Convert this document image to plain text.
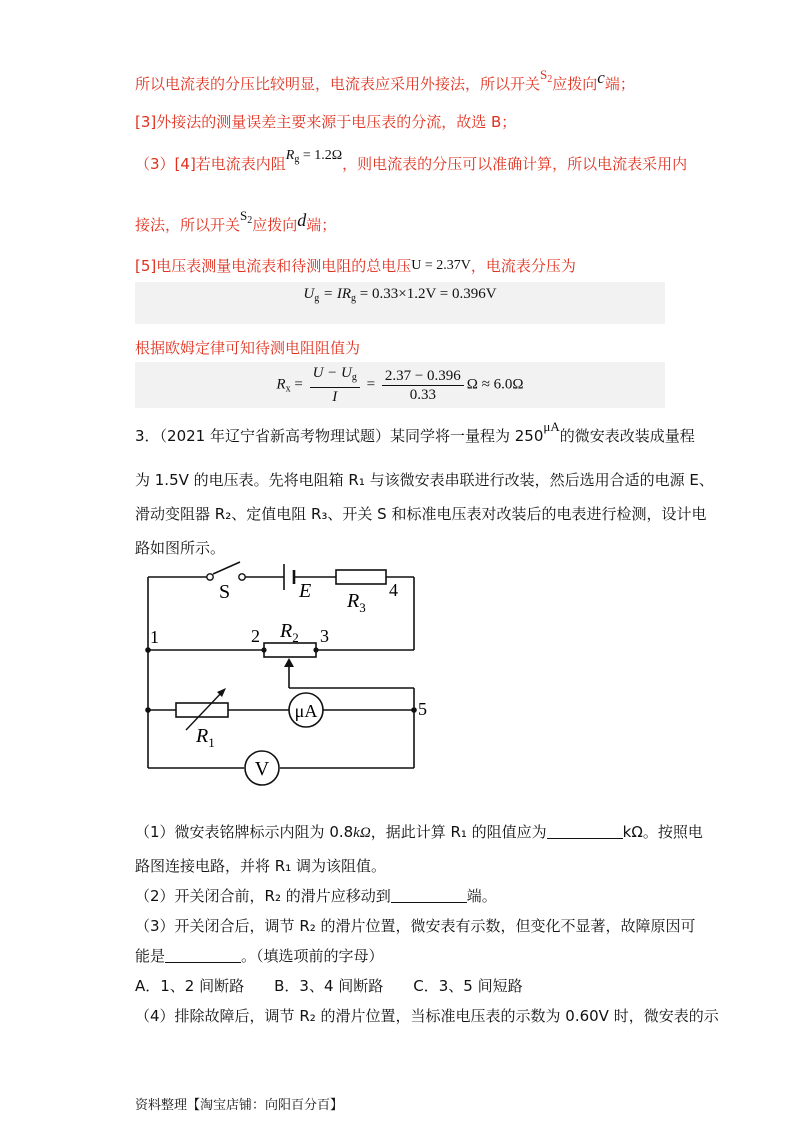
所以电流表的分压比较明显，电流表应采用外接法，所以开关$S_2$应拨向c端；
[3]外接法的测量误差主要来源于电压表的分流，故选 B；
（3）[4]若电流表内阻$R_g = 1.2\Omega$，则电流表的分压可以准确计算，所以电流表采用内
接法，所以开关$S_2$应拨向d端；
[5]电压表测量电流表和待测电阻的总电压U = 2.37V，电流表分压为
$U_g = IR_g = 0.33\times 1.2V = 0.396V$
根据欧姆定律可知待测电阻阻值为
$R_x = \frac{U - U_g}{I} = \frac{2.37 - 0.396}{0.33}$ Ω ≈ 6.0Ω
3．（2021 年辽宁省新高考物理试题）某同学将一量程为 250μA的微安表改装成量程
为 1.5V 的电压表。先将电阻箱 R₁ 与该微安表串联进行改装，然后选用合适的电源 E、
滑动变阻器 R₂、定值电阻 R₃、开关 S 和标准电压表对改装后的电表进行检测，设计电
路如图所示。
S	E $R_3$
4
$R_2$
2	3
1
$R_1$
μA	5
V
（1）微安表铭牌标示内阻为 0.8kΩ，据此计算 R₁ 的阻值应为	kΩ。按照电
路图连接电路，并将 R₁ 调为该阻值。
（2）开关闭合前，R₂ 的滑片应移动到	端。
（3）开关闭合后，调节 R₂ 的滑片位置，微安表有示数，但变化不显著，故障原因可
能是	。（填选项前的字母）
A．1、2 间断路　　B．3、4 间断路　　C．3、5 间短路
（4）排除故障后，调节 R₂ 的滑片位置，当标准电压表的示数为 0.60V 时，微安表的示
资料整理【淘宝店铺：向阳百分百】
